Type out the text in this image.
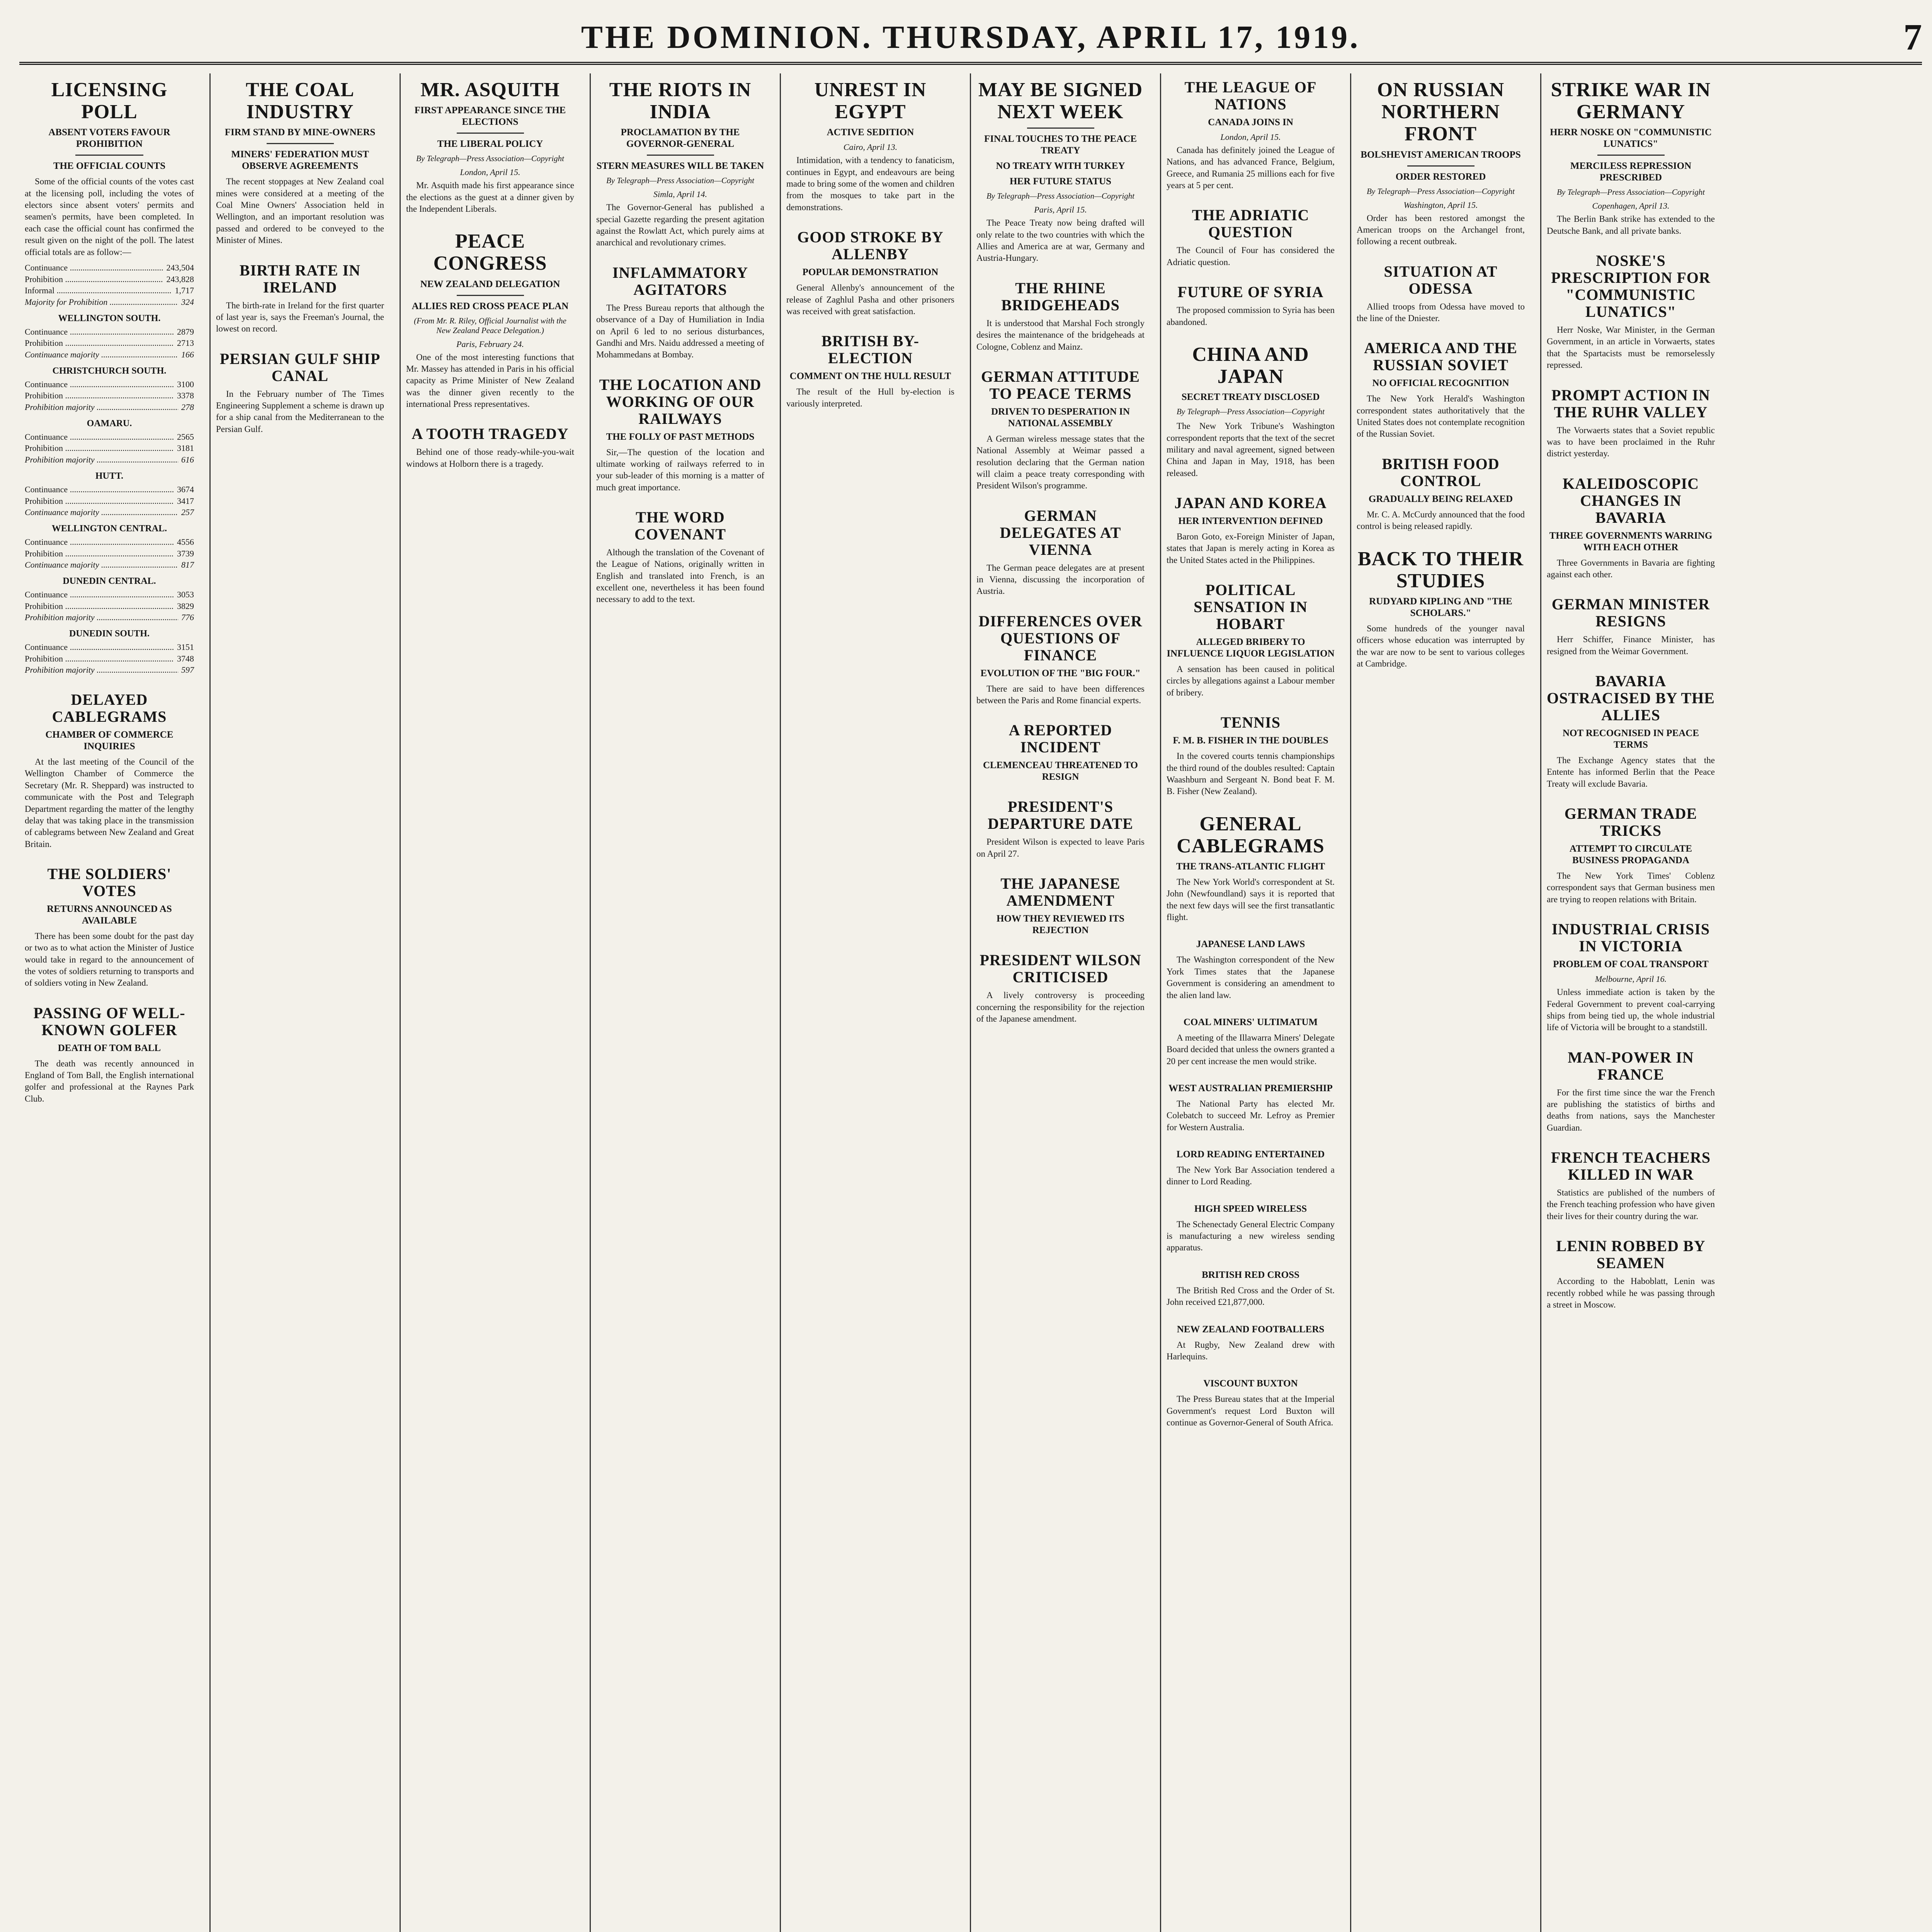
THE DOMINION. THURSDAY, APRIL 17, 1919.	7
LICENSING POLL
ABSENT VOTERS FAVOUR PROHIBITION
THE OFFICIAL COUNTS

Some of the official counts of the votes cast at the licensing poll, including the votes of electors since absent voters' permits and seamen's permits, have been completed. In each case the official count has confirmed the result given on the night of the poll. The latest official totals are as follow:—

Continuance .....	243,504
Prohibition .....	243,828
Informal .....	1,717
Majority for Prohibition .....	324
WELLINGTON SOUTH.
Continuance .....	2879
Prohibition .....	2713
Continuance majority .....	166
CHRISTCHURCH SOUTH.
Continuance .....	3100
Prohibition .....	3378
Prohibition majority .....	278
OAMARU.
Continuance .....	2565
Prohibition .....	3181
Prohibition majority .....	616
HUTT.
Continuance .....	3674
Prohibition .....	3417
Continuance majority .....	257
WELLINGTON CENTRAL.
Continuance .....	4556
Prohibition .....	3739
Continuance majority .....	817
DUNEDIN CENTRAL.
Continuance .....	3053
Prohibition .....	3829
Prohibition majority .....	776
DUNEDIN SOUTH.
Continuance .....	3151
Prohibition .....	3748
Prohibition majority .....	597
DELAYED CABLEGRAMS
CHAMBER OF COMMERCE INQUIRIES

At the last meeting of the Council of the Wellington Chamber of Commerce the Secretary (Mr. R. Sheppard) was instructed to communicate with the Post and Telegraph Department regarding the matter of the lengthy delay that was taking place in the transmission of cablegrams between New Zealand and Great Britain.

THE SOLDIERS' VOTES
RETURNS ANNOUNCED AS AVAILABLE

There has been some doubt for the past day or two as to what action the Minister of Justice would take in regard to the announcement of the votes of soldiers returning to transports and of soldiers voting in New Zealand.

PASSING OF WELL-KNOWN GOLFER
DEATH OF TOM BALL

The death was recently announced in England of Tom Ball, the English international golfer and professional at the Raynes Park Club.

THE COAL INDUSTRY
FIRM STAND BY MINE-OWNERS
MINERS' FEDERATION MUST OBSERVE AGREEMENTS

The recent stoppages at New Zealand coal mines were considered at a meeting of the Coal Mine Owners' Association held in Wellington, and an important resolution was passed and ordered to be conveyed to the Minister of Mines.

BIRTH RATE IN IRELAND

The birth-rate in Ireland for the first quarter of last year is, says the Freeman's Journal, the lowest on record.

PERSIAN GULF SHIP CANAL

In the February number of The Times Engineering Supplement a scheme is drawn up for a ship canal from the Mediterranean to the Persian Gulf.

MR. ASQUITH
FIRST APPEARANCE SINCE THE ELECTIONS
THE LIBERAL POLICY
By Telegraph—Press Association—Copyright
London, April 15.

Mr. Asquith made his first appearance since the elections as the guest at a dinner given by the Independent Liberals.

PEACE CONGRESS
NEW ZEALAND DELEGATION
ALLIES RED CROSS PEACE PLAN
(From Mr. R. Riley, Official Journalist with the New Zealand Peace Delegation.)
Paris, February 24.

One of the most interesting functions that Mr. Massey has attended in Paris in his official capacity as Prime Minister of New Zealand was the dinner given recently to the international Press representatives.

A TOOTH TRAGEDY

Behind one of those ready-while-you-wait windows at Holborn there is a tragedy.

THE RIOTS IN INDIA
PROCLAMATION BY THE GOVERNOR-GENERAL
STERN MEASURES WILL BE TAKEN
By Telegraph—Press Association—Copyright
Simla, April 14.

The Governor-General has published a special Gazette regarding the present agitation against the Rowlatt Act, which purely aims at anarchical and revolutionary crimes.

INFLAMMATORY AGITATORS

The Press Bureau reports that although the observance of a Day of Humiliation in India on April 6 led to no serious disturbances, Gandhi and Mrs. Naidu addressed a meeting of Mohammedans at Bombay.

THE LOCATION AND WORKING OF OUR RAILWAYS
THE FOLLY OF PAST METHODS

Sir,—The question of the location and ultimate working of railways referred to in your sub-leader of this morning is a matter of much great importance.

THE WORD COVENANT

Although the translation of the Covenant of the League of Nations, originally written in English and translated into French, is an excellent one, nevertheless it has been found necessary to add to the text.

UNREST IN EGYPT
ACTIVE SEDITION
Cairo, April 13.

Intimidation, with a tendency to fanaticism, continues in Egypt, and endeavours are being made to bring some of the women and children from the mosques to take part in the demonstrations.

GOOD STROKE BY ALLENBY
POPULAR DEMONSTRATION

General Allenby's announcement of the release of Zaghlul Pasha and other prisoners was received with great satisfaction.

BRITISH BY-ELECTION
COMMENT ON THE HULL RESULT

The result of the Hull by-election is variously interpreted.

MAY BE SIGNED NEXT WEEK
FINAL TOUCHES TO THE PEACE TREATY
NO TREATY WITH TURKEY
HER FUTURE STATUS
By Telegraph—Press Association—Copyright
Paris, April 15.

The Peace Treaty now being drafted will only relate to the two countries with which the Allies and America are at war, Germany and Austria-Hungary.

THE RHINE BRIDGEHEADS

It is understood that Marshal Foch strongly desires the maintenance of the bridgeheads at Cologne, Coblenz and Mainz.

GERMAN ATTITUDE TO PEACE TERMS
DRIVEN TO DESPERATION IN NATIONAL ASSEMBLY

A German wireless message states that the National Assembly at Weimar passed a resolution declaring that the German nation will claim a peace treaty corresponding with President Wilson's programme.

GERMAN DELEGATES AT VIENNA

The German peace delegates are at present in Vienna, discussing the incorporation of Austria.

DIFFERENCES OVER QUESTIONS OF FINANCE
EVOLUTION OF THE "BIG FOUR."

There are said to have been differences between the Paris and Rome financial experts.

A REPORTED INCIDENT
CLEMENCEAU THREATENED TO RESIGN
PRESIDENT'S DEPARTURE DATE

President Wilson is expected to leave Paris on April 27.

THE JAPANESE AMENDMENT
HOW THEY REVIEWED ITS REJECTION
PRESIDENT WILSON CRITICISED

A lively controversy is proceeding concerning the responsibility for the rejection of the Japanese amendment.

THE LEAGUE OF NATIONS
CANADA JOINS IN
London, April 15.

Canada has definitely joined the League of Nations, and has advanced France, Belgium, Greece, and Rumania 25 millions each for five years at 5 per cent.

THE ADRIATIC QUESTION

The Council of Four has considered the Adriatic question.

FUTURE OF SYRIA

The proposed commission to Syria has been abandoned.

CHINA AND JAPAN
SECRET TREATY DISCLOSED
By Telegraph—Press Association—Copyright

The New York Tribune's Washington correspondent reports that the text of the secret military and naval agreement, signed between China and Japan in May, 1918, has been released.

JAPAN AND KOREA
HER INTERVENTION DEFINED

Baron Goto, ex-Foreign Minister of Japan, states that Japan is merely acting in Korea as the United States acted in the Philippines.

POLITICAL SENSATION IN HOBART
ALLEGED BRIBERY TO INFLUENCE LIQUOR LEGISLATION

A sensation has been caused in political circles by allegations against a Labour member of bribery.

TENNIS
F. M. B. FISHER IN THE DOUBLES

In the covered courts tennis championships the third round of the doubles resulted: Captain Waashburn and Sergeant N. Bond beat F. M. B. Fisher (New Zealand).

GENERAL CABLEGRAMS
THE TRANS-ATLANTIC FLIGHT

The New York World's correspondent at St. John (Newfoundland) says it is reported that the next few days will see the first transatlantic flight.

JAPANESE LAND LAWS

The Washington correspondent of the New York Times states that the Japanese Government is considering an amendment to the alien land law.

COAL MINERS' ULTIMATUM

A meeting of the Illawarra Miners' Delegate Board decided that unless the owners granted a 20 per cent increase the men would strike.

WEST AUSTRALIAN PREMIERSHIP

The National Party has elected Mr. Colebatch to succeed Mr. Lefroy as Premier for Western Australia.

LORD READING ENTERTAINED

The New York Bar Association tendered a dinner to Lord Reading.

HIGH SPEED WIRELESS

The Schenectady General Electric Company is manufacturing a new wireless sending apparatus.

BRITISH RED CROSS

The British Red Cross and the Order of St. John received £21,877,000.

NEW ZEALAND FOOTBALLERS

At Rugby, New Zealand drew with Harlequins.

VISCOUNT BUXTON

The Press Bureau states that at the Imperial Government's request Lord Buxton will continue as Governor-General of South Africa.

ON RUSSIAN NORTHERN FRONT
BOLSHEVIST AMERICAN TROOPS
ORDER RESTORED
By Telegraph—Press Association—Copyright
Washington, April 15.

Order has been restored amongst the American troops on the Archangel front, following a recent outbreak.

SITUATION AT ODESSA

Allied troops from Odessa have moved to the line of the Dniester.

AMERICA AND THE RUSSIAN SOVIET
NO OFFICIAL RECOGNITION

The New York Herald's Washington correspondent states authoritatively that the United States does not contemplate recognition of the Russian Soviet.

BRITISH FOOD CONTROL
GRADUALLY BEING RELAXED

Mr. C. A. McCurdy announced that the food control is being released rapidly.

BACK TO THEIR STUDIES
RUDYARD KIPLING AND "THE SCHOLARS."

Some hundreds of the younger naval officers whose education was interrupted by the war are now to be sent to various colleges at Cambridge.

STRIKE WAR IN GERMANY
HERR NOSKE ON "COMMUNISTIC LUNATICS"
MERCILESS REPRESSION PRESCRIBED
By Telegraph—Press Association—Copyright
Copenhagen, April 13.

The Berlin Bank strike has extended to the Deutsche Bank, and all private banks.

NOSKE'S PRESCRIPTION FOR "COMMUNISTIC LUNATICS"

Herr Noske, War Minister, in the German Government, in an article in Vorwaerts, states that the Spartacists must be remorselessly repressed.

PROMPT ACTION IN THE RUHR VALLEY

The Vorwaerts states that a Soviet republic was to have been proclaimed in the Ruhr district yesterday.

KALEIDOSCOPIC CHANGES IN BAVARIA
THREE GOVERNMENTS WARRING WITH EACH OTHER

Three Governments in Bavaria are fighting against each other.

GERMAN MINISTER RESIGNS

Herr Schiffer, Finance Minister, has resigned from the Weimar Government.

BAVARIA OSTRACISED BY THE ALLIES
NOT RECOGNISED IN PEACE TERMS

The Exchange Agency states that the Entente has informed Berlin that the Peace Treaty will exclude Bavaria.

GERMAN TRADE TRICKS
ATTEMPT TO CIRCULATE BUSINESS PROPAGANDA

The New York Times' Coblenz correspondent says that German business men are trying to reopen relations with Britain.

INDUSTRIAL CRISIS IN VICTORIA
PROBLEM OF COAL TRANSPORT
Melbourne, April 16.

Unless immediate action is taken by the Federal Government to prevent coal-carrying ships from being tied up, the whole industrial life of Victoria will be brought to a standstill.

MAN-POWER IN FRANCE

For the first time since the war the French are publishing the statistics of births and deaths from nations, says the Manchester Guardian.

FRENCH TEACHERS KILLED IN WAR

Statistics are published of the numbers of the French teaching profession who have given their lives for their country during the war.

LENIN ROBBED BY SEAMEN

According to the Haboblatt, Lenin was recently robbed while he was passing through a street in Moscow.
